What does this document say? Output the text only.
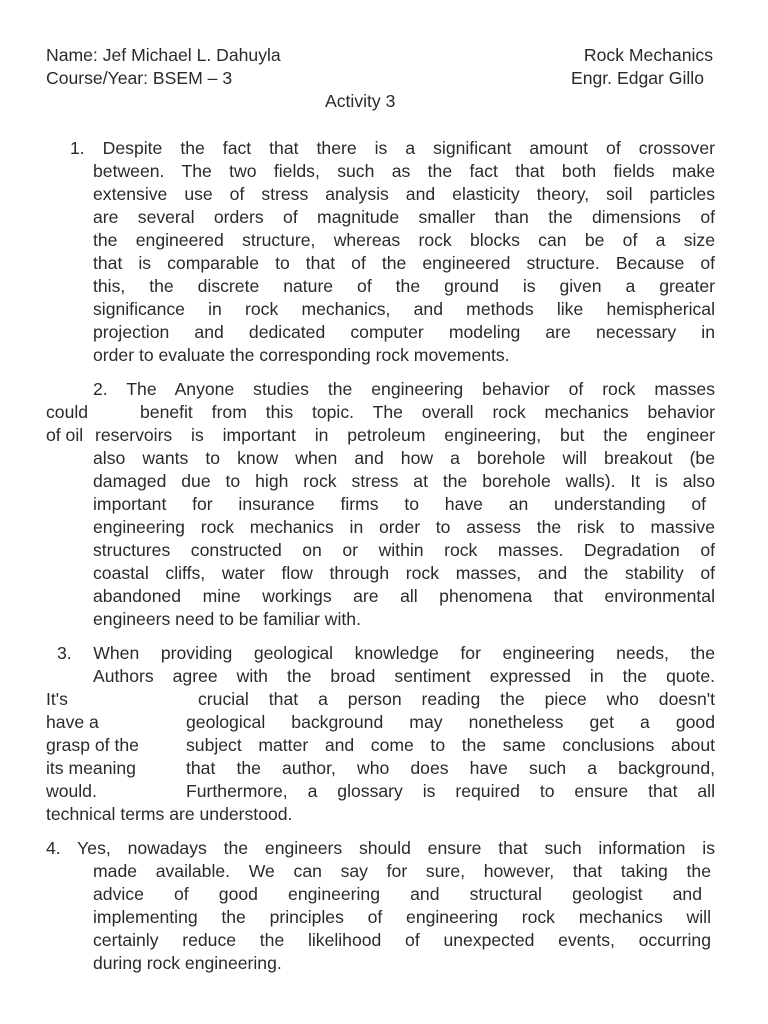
Name: Jef Michael L. Dahuyla	Rock Mechanics
Course/Year: BSEM – 3	Engr. Edgar Gillo
Activity 3
1. Despite the fact that there is a significant amount of crossover
between. The two fields, such as the fact that both fields make
extensive use of stress analysis and elasticity theory, soil particles
are several orders of magnitude smaller than the dimensions of
the engineered structure, whereas rock blocks can be of a size
that is comparable to that of the engineered structure. Because of
this, the discrete nature of the ground is given a greater
significance in rock mechanics, and methods like hemispherical
projection and dedicated computer modeling are necessary in
order to evaluate the corresponding rock movements.
2. The Anyone studies the engineering behavior of rock masses
could	benefit from this topic. The overall rock mechanics behavior
of oil reservoirs is important in petroleum engineering, but the engineer
also wants to know when and how a borehole will breakout (be
damaged due to high rock stress at the borehole walls). It is also
important for insurance firms to have an understanding of
engineering rock mechanics in order to assess the risk to massive
structures constructed on or within rock masses. Degradation of
coastal cliffs, water flow through rock masses, and the stability of
abandoned mine workings are all phenomena that environmental
engineers need to be familiar with.
3. When providing geological knowledge for engineering needs, the
Authors agree with the broad sentiment expressed in the quote.
It's	crucial that a person reading the piece who doesn't
have a	geological background may nonetheless get a good
grasp of the	subject matter and come to the same conclusions about
its meaning	that the author, who does have such a background,
would.	Furthermore, a glossary is required to ensure that all
technical terms are understood.
4. Yes, nowadays the engineers should ensure that such information is
made available. We can say for sure, however, that taking the
advice of good engineering and structural geologist and
implementing the principles of engineering rock mechanics will
certainly reduce the likelihood of unexpected events, occurring
during rock engineering.
